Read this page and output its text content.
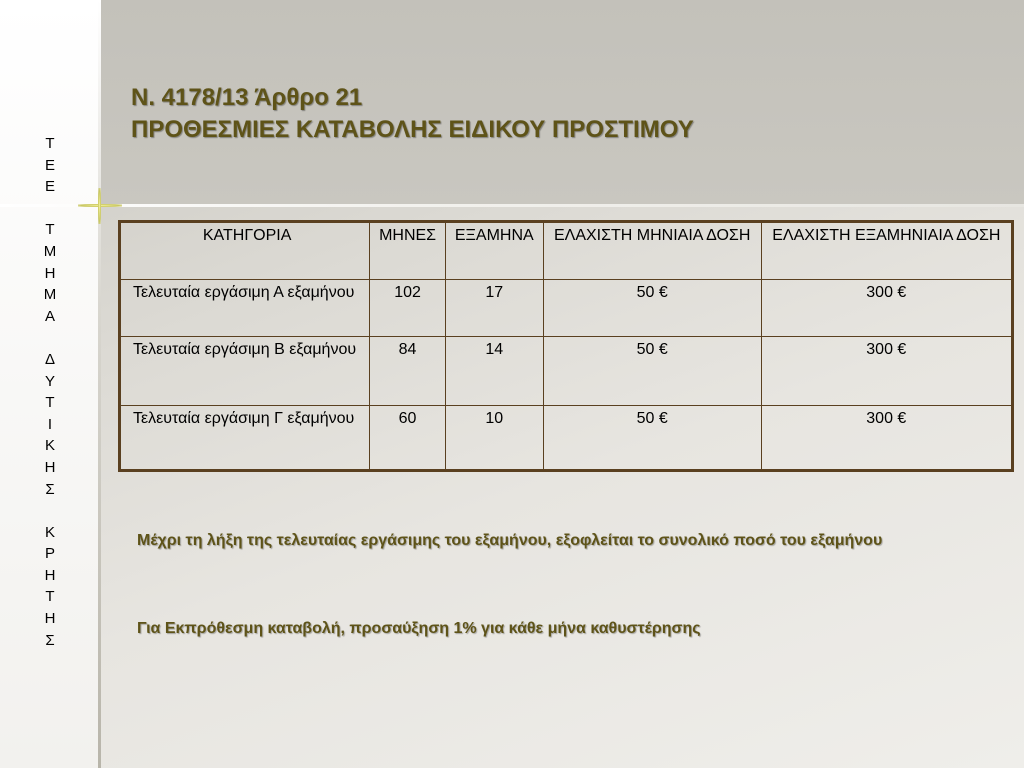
Τ
Ε
Ε
Τ
Μ
Η
Μ
Α
Δ
Υ
Τ
Ι
Κ
Η
Σ
Κ
Ρ
Η
Τ
Η
Σ
Ν. 4178/13 Άρθρο 21
ΠΡΟΘΕΣΜΙΕΣ ΚΑΤΑΒΟΛΗΣ ΕΙΔΙΚΟΥ ΠΡΟΣΤΙΜΟΥ
ΚΑΤΗΓΟΡΙΑ	ΜΗΝΕΣ	ΕΞΑΜΗΝΑ	ΕΛΑΧΙΣΤΗ ΜΗΝΙΑΙΑ ΔΟΣΗ	ΕΛΑΧΙΣΤΗ ΕΞΑΜΗΝΙΑΙΑ ΔΟΣΗ
Τελευταία εργάσιμη Α εξαμήνου	102	17	50 €	300 €
Τελευταία εργάσιμη Β εξαμήνου	84	14	50 €	300 €
Τελευταία εργάσιμη Γ εξαμήνου	60	10	50 €	300 €
Μέχρι τη λήξη της τελευταίας εργάσιμης του εξαμήνου, εξοφλείται το συνολικό ποσό του εξαμήνου
Για Εκπρόθεσμη καταβολή, προσαύξηση 1% για κάθε μήνα καθυστέρησης
